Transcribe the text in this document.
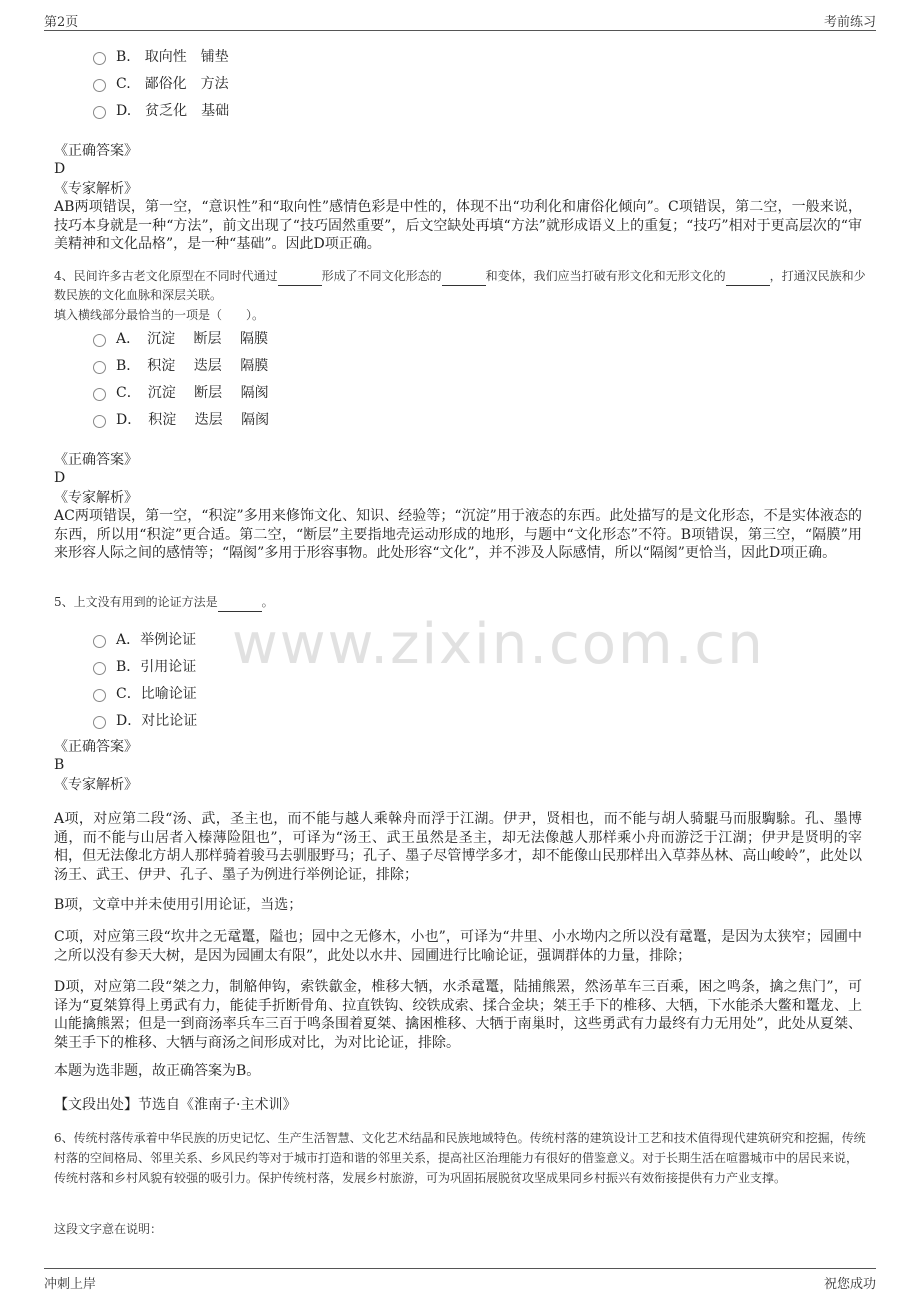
第2页	考前练习
www.zixin.com.cn
B.　取向性　铺垫
C.　鄙俗化　方法
D.　贫乏化　基础
《正确答案》
D
《专家解析》
AB两项错误，第一空，“意识性”和“取向性”感情色彩是中性的，体现不出“功利化和庸俗化倾向”。C项错误，第二空，一般来说，技巧本身就是一种“方法”，前文出现了“技巧固然重要”，后文空缺处再填“方法”就形成语义上的重复；“技巧”相对于更高层次的“审美精神和文化品格”，是一种“基础”。因此D项正确。
4、民间许多古老文化原型在不同时代通过	形成了不同文化形态的	和变体，我们应当打破有形文化和无形文化的	，打通汉民族和少数民族的文化血脉和深层关联。
填入横线部分最恰当的一项是（　　）。
A．　沉淀　 断层　 隔膜
B．　积淀　 迭层　 隔膜
C．　沉淀　 断层　 隔阂
D．　积淀　 迭层　 隔阂
《正确答案》
D
《专家解析》
AC两项错误，第一空，“积淀”多用来修饰文化、知识、经验等；“沉淀”用于液态的东西。此处描写的是文化形态，不是实体液态的东西，所以用“积淀”更合适。第二空，“断层”主要指地壳运动形成的地形，与题中“文化形态”不符。B项错误，第三空，“隔膜”用来形容人际之间的感情等；“隔阂”多用于形容事物。此处形容“文化”，并不涉及人际感情，所以“隔阂”更恰当，因此D项正确。
5、上文没有用到的论证方法是	。
A．举例论证
B．引用论证
C．比喻论证
D．对比论证
《正确答案》
B
《专家解析》
A项，对应第二段“汤、武，圣主也，而不能与越人乘榦舟而浮于江湖。伊尹，贤相也，而不能与胡人骑騉马而服騊駼。孔、墨博通，而不能与山居者入榛薄险阻也”，可译为“汤王、武王虽然是圣主，却无法像越人那样乘小舟而游泛于江湖；伊尹是贤明的宰相，但无法像北方胡人那样骑着骏马去驯服野马；孔子、墨子尽管博学多才，却不能像山民那样出入草莽丛林、高山峻岭”，此处以汤王、武王、伊尹、孔子、墨子为例进行举例论证，排除；
B项，文章中并未使用引用论证，当选；
C项，对应第三段“坎井之无鼋鼍，隘也；园中之无修木，小也”，可译为“井里、小水坳内之所以没有鼋鼍，是因为太狭窄；园圃中之所以没有参天大树，是因为园圃太有限”，此处以水井、园圃进行比喻论证，强调群体的力量，排除；
D项，对应第二段“桀之力，制觡伸钩，索铁歙金，椎移大牺，水杀鼋鼍，陆捕熊罴，然汤革车三百乘，困之鸣条，擒之焦门”，可译为“夏桀算得上勇武有力，能徒手折断骨角、拉直铁钩、绞铁成索、揉合金块；桀王手下的椎移、大牺，下水能杀大鳖和鼍龙、上山能擒熊罴；但是一到商汤率兵车三百于鸣条围着夏桀、擒困椎移、大牺于南巢时，这些勇武有力最终有力无用处”，此处从夏桀、桀王手下的椎移、大牺与商汤之间形成对比，为对比论证，排除。
本题为选非题，故正确答案为B。
【文段出处】节选自《淮南子·主术训》
6、传统村落传承着中华民族的历史记忆、生产生活智慧、文化艺术结晶和民族地域特色。传统村落的建筑设计工艺和技术值得现代建筑研究和挖掘，传统村落的空间格局、邻里关系、乡风民约等对于城市打造和谐的邻里关系，提高社区治理能力有很好的借鉴意义。对于长期生活在喧嚣城市中的居民来说，传统村落和乡村风貌有较强的吸引力。保护传统村落，发展乡村旅游，可为巩固拓展脱贫攻坚成果同乡村振兴有效衔接提供有力产业支撑。
这段文字意在说明：
冲刺上岸	祝您成功
